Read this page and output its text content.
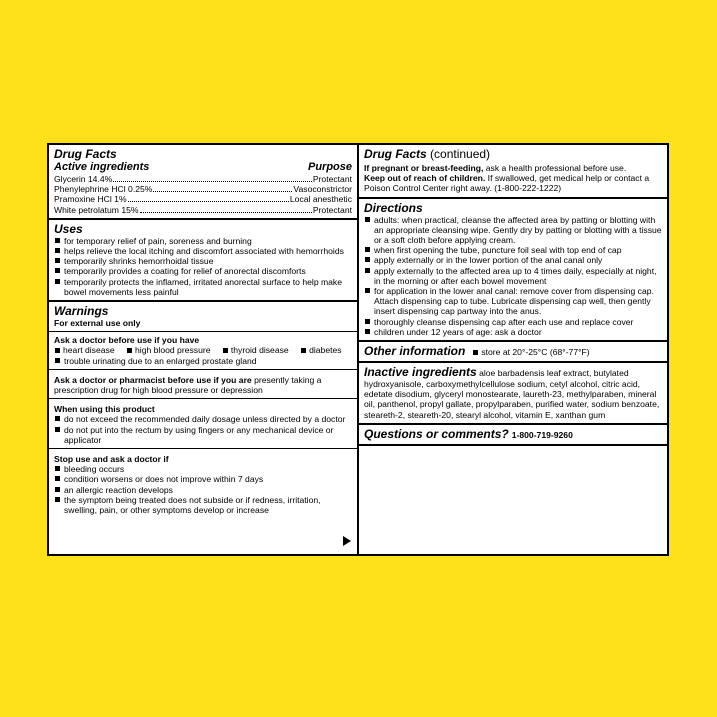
Drug Facts
Active ingredients	Purpose
Glycerin 14.4%	Protectant
Phenylephrine HCl 0.25%	Vasoconstrictor
Pramoxine HCl 1%	Local anesthetic
White petrolatum 15%	Protectant
Uses
for temporary relief of pain, soreness and burning
helps relieve the local itching and discomfort associated with hemorrhoids
temporarily shrinks hemorrhoidal tissue
temporarily provides a coating for relief of anorectal discomforts
temporarily protects the inflamed, irritated anorectal surface to help make bowel movements less painful
Warnings
For external use only
Ask a doctor before use if you have
heart disease high blood pressure thyroid disease diabetes
trouble urinating due to an enlarged prostate gland
Ask a doctor or pharmacist before use if you are presently taking a prescription drug for high blood pressure or depression
When using this product
do not exceed the recommended daily dosage unless directed by a doctor
do not put into the rectum by using fingers or any mechanical device or applicator
Stop use and ask a doctor if
bleeding occurs
condition worsens or does not improve within 7 days
an allergic reaction develops
the symptom being treated does not subside or if redness, irritation, swelling, pain, or other symptoms develop or increase
Drug Facts (continued)
If pregnant or breast-feeding, ask a health professional before use.
Keep out of reach of children. If swallowed, get medical help or contact a Poison Control Center right away. (1-800-222-1222)
Directions
adults: when practical, cleanse the affected area by patting or blotting with an appropriate cleansing wipe. Gently dry by patting or blotting with a tissue or a soft cloth before applying cream.
when first opening the tube, puncture foil seal with top end of cap
apply externally or in the lower portion of the anal canal only
apply externally to the affected area up to 4 times daily, especially at night, in the morning or after each bowel movement
for application in the lower anal canal: remove cover from dispensing cap. Attach dispensing cap to tube. Lubricate dispensing cap well, then gently insert dispensing cap partway into the anus.
thoroughly cleanse dispensing cap after each use and replace cover
children under 12 years of age: ask a doctor
Other information	store at 20°-25°C (68°-77°F)
Inactive ingredients aloe barbadensis leaf extract, butylated hydroxyanisole, carboxymethylcellulose sodium, cetyl alcohol, citric acid, edetate disodium, glyceryl monostearate, laureth-23, methylparaben, mineral oil, panthenol, propyl gallate, propylparaben, purified water, sodium benzoate, steareth-2, steareth-20, stearyl alcohol, vitamin E, xanthan gum
Questions or comments? 1-800-719-9260
